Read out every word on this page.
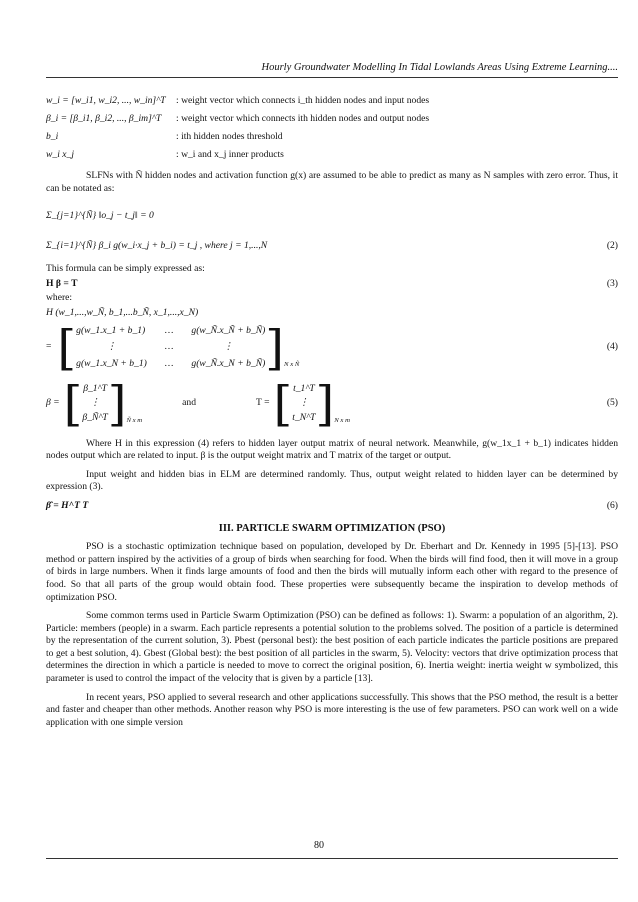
Hourly Groundwater Modelling In Tidal Lowlands Areas Using Extreme Learning....
w_i = [w_i1, w_i2, ..., w_in]^T	: weight vector which connects i_th hidden nodes and input nodes
β_i = [β_i1, β_i2, ..., β_im]^T	: weight vector which connects ith hidden nodes and output nodes
b_i	: ith hidden nodes threshold
w_i x_j	: w_i and x_j inner products

SLFNs with Ñ hidden nodes and activation function g(x) are assumed to be able to predict as many as N samples with zero error. Thus, it can be notated as:

Σ_{j=1}^{Ñ} ‖o_j − t_j‖ = 0
Σ_{i=1}^{Ñ} β_i g(w_i·x_j + b_i) = t_j , where j = 1,...,N	(2)

This formula can be simply expressed as:

H β = T	(3)

where:

H (w_1,...,w_Ñ, b_1,...b_Ñ, x_1,...,x_N)
= [ g(w_1.x_1 + b_1) … g(w_Ñ.x_Ñ + b_Ñ)
⋮	…	⋮
g(w_1.x_N + b_1) … g(w_Ñ.x_N + b_Ñ) ]$_{N x Ñ}$
(4)
β = [ β_1^T
⋮
β_Ñ^T ]$_{Ñ x m}$
and	T = [ t_1^T
⋮
t_N^T ]$_{N x m}$
(5)

Where H in this expression (4) refers to hidden layer output matrix of neural network. Meanwhile, g(w_1x_1 + b_1) indicates hidden nodes output which are related to input. β is the output weight matrix and T matrix of the target or output.

Input weight and hidden bias in ELM are determined randomly. Thus, output weight related to hidden layer can be determined by expression (3).

β̂ = H^T T	(6)
III. PARTICLE SWARM OPTIMIZATION (PSO)

PSO is a stochastic optimization technique based on population, developed by Dr. Eberhart and Dr. Kennedy in 1995 [5]-[13]. PSO method or pattern inspired by the activities of a group of birds when searching for food. When the birds will find food, then it will move in a group of birds in large numbers. When it finds large amounts of food and then the birds will mutually inform each other with regard to the presence of food. So that all parts of the group would obtain food. These properties were subsequently became the inspiration to develop methods of optimization PSO.

Some common terms used in Particle Swarm Optimization (PSO) can be defined as follows: 1). Swarm: a population of an algorithm, 2). Particle: members (people) in a swarm. Each particle represents a potential solution to the problems solved. The position of a particle is determined by the representation of the current solution, 3). Pbest (personal best): the best position of each particle indicates the particle positions are prepared to get a best solution, 4). Gbest (Global best): the best position of all particles in the swarm, 5). Velocity: vectors that drive optimization process that determines the direction in which a particle is needed to move to correct the original position, 6). Inertia weight: inertia weight w symbolized, this parameter is used to control the impact of the velocity that is given by a particle [13].

In recent years, PSO applied to several research and other applications successfully. This shows that the PSO method, the result is a better and faster and cheaper than other methods. Another reason why PSO is more interesting is the use of few parameters. PSO can work well on a wide application with one simple version

80
